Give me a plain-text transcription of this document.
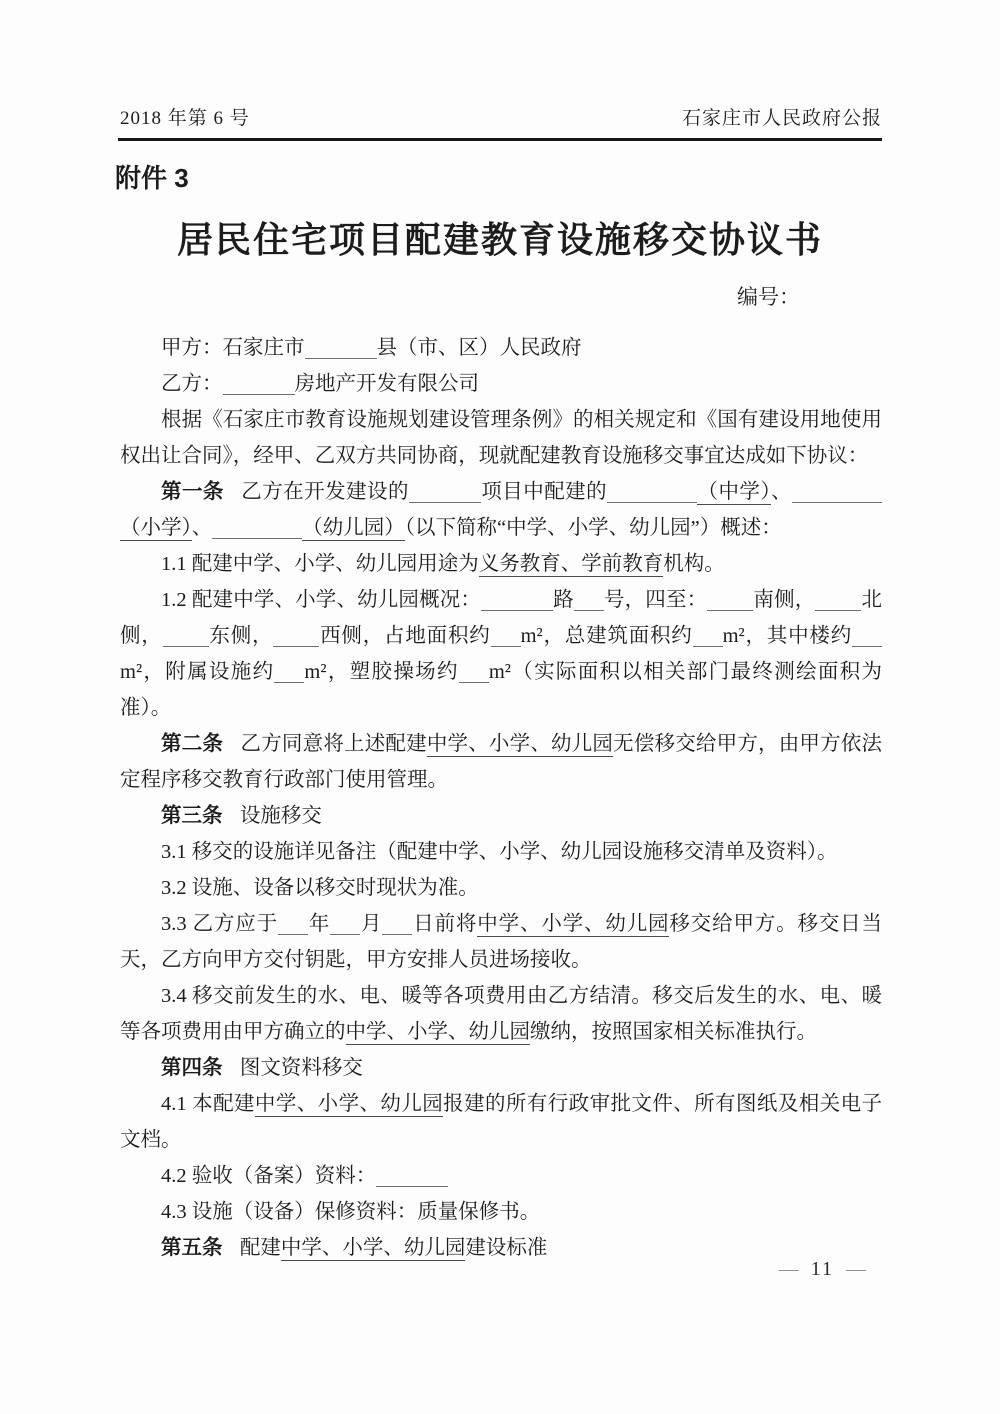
2018 年第 6 号	石家庄市人民政府公报
附件 3
居民住宅项目配建教育设施移交协议书
编号：

甲方：石家庄市	县（市、区）人民政府

乙方：	房地产开发有限公司

根据《石家庄市教育设施规划建设管理条例》的相关规定和《国有建设用地使用权出让合同》，经甲、乙双方共同协商，现就配建教育设施移交事宜达成如下协议：

第一条 乙方在开发建设的	项目中配建的	（中学）、（小学）、	（幼儿园）（以下简称“中学、小学、幼儿园”）概述：

1.1 配建中学、小学、幼儿园用途为义务教育、学前教育机构。

1.2 配建中学、小学、幼儿园概况：	路 号，四至： 南侧， 北侧， 东侧， 西侧，占地面积约 m²，总建筑面积约 m²，其中楼约m²，附属设施约 m²，塑胶操场约 m²（实际面积以相关部门最终测绘面积为准）。

第二条 乙方同意将上述配建中学、小学、幼儿园无偿移交给甲方，由甲方依法定程序移交教育行政部门使用管理。

第三条 设施移交

3.1 移交的设施详见备注（配建中学、小学、幼儿园设施移交清单及资料）。

3.2 设施、设备以移交时现状为准。

3.3 乙方应于 年 月 日前将中学、小学、幼儿园移交给甲方。移交日当天，乙方向甲方交付钥匙，甲方安排人员进场接收。

3.4 移交前发生的水、电、暖等各项费用由乙方结清。移交后发生的水、电、暖等各项费用由甲方确立的中学、小学、幼儿园缴纳，按照国家相关标准执行。

第四条 图文资料移交

4.1 本配建中学、小学、幼儿园报建的所有行政审批文件、所有图纸及相关电子文档。

4.2 验收（备案）资料：

4.3 设施（设备）保修资料：质量保修书。

第五条 配建中学、小学、幼儿园建设标准

— 11 —
